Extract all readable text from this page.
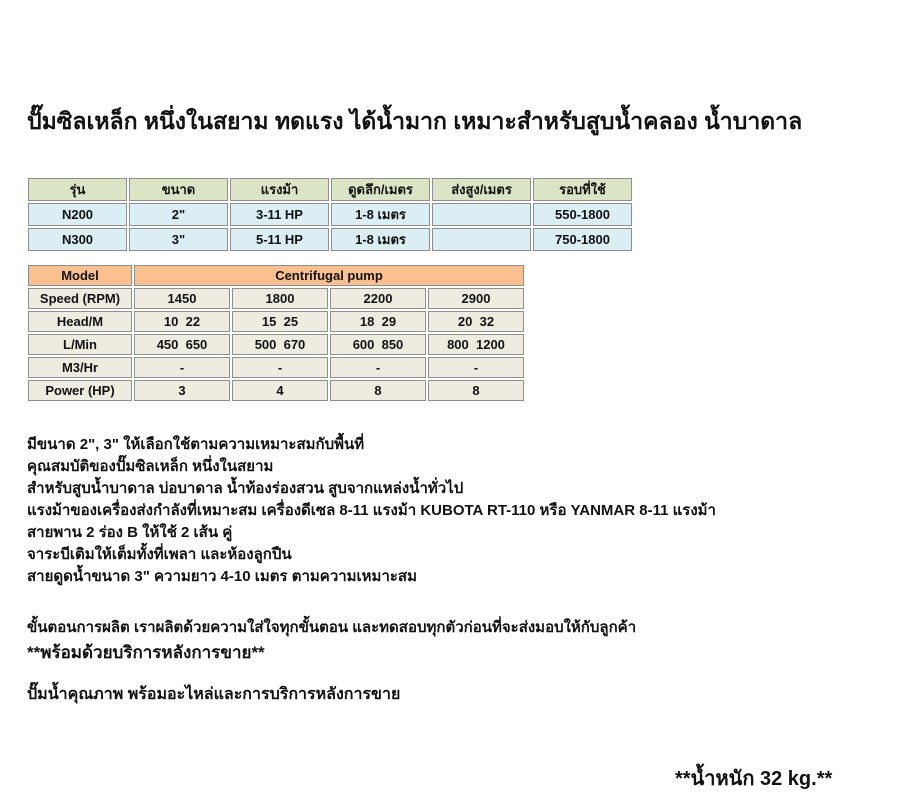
ปั๊มซิลเหล็ก หนึ่งในสยาม ทดแรง ได้น้ำมาก เหมาะสำหรับสูบน้ำคลอง น้ำบาดาล
รุ่น	ขนาด	แรงม้า	ดูดลึก/เมตร	ส่งสูง/เมตร	รอบที่ใช้
N200	2"	3-11 HP	1-8 เมตร		550-1800
N300	3"	5-11 HP	1-8 เมตร		750-1800
Model	Centrifugal pump			
Speed (RPM)	1450	1800	2200	2900
Head/M	10  22	15  25	18  29	20  32
L/Min	450  650	500  670	600  850	800  1200
M3/Hr	-	-	-	-
Power (HP)	3	4	8	8
มีขนาด 2", 3" ให้เลือกใช้ตามความเหมาะสมกับพื้นที่
คุณสมบัติของปั๊มซิลเหล็ก หนึ่งในสยาม
สำหรับสูบน้ำบาดาล บ่อบาดาล น้ำท้องร่องสวน สูบจากแหล่งน้ำทั่วไป
แรงม้าของเครื่องส่งกำลังที่เหมาะสม เครื่องดีเซล 8-11 แรงม้า KUBOTA RT-110 หรือ YANMAR 8-11 แรงม้า
สายพาน 2 ร่อง B ให้ใช้ 2 เส้น คู่
จาระบีเติมให้เต็มทั้งที่เพลา และห้องลูกปืน
สายดูดน้ำขนาด 3" ความยาว 4-10 เมตร ตามความเหมาะสม
ขั้นตอนการผลิต เราผลิตด้วยความใส่ใจทุกขั้นตอน และทดสอบทุกตัวก่อนที่จะส่งมอบให้กับลูกค้า
**พร้อมด้วยบริการหลังการขาย**
ปั๊มน้ำคุณภาพ พร้อมอะไหล่และการบริการหลังการขาย
**น้ำหนัก 32 kg.**
